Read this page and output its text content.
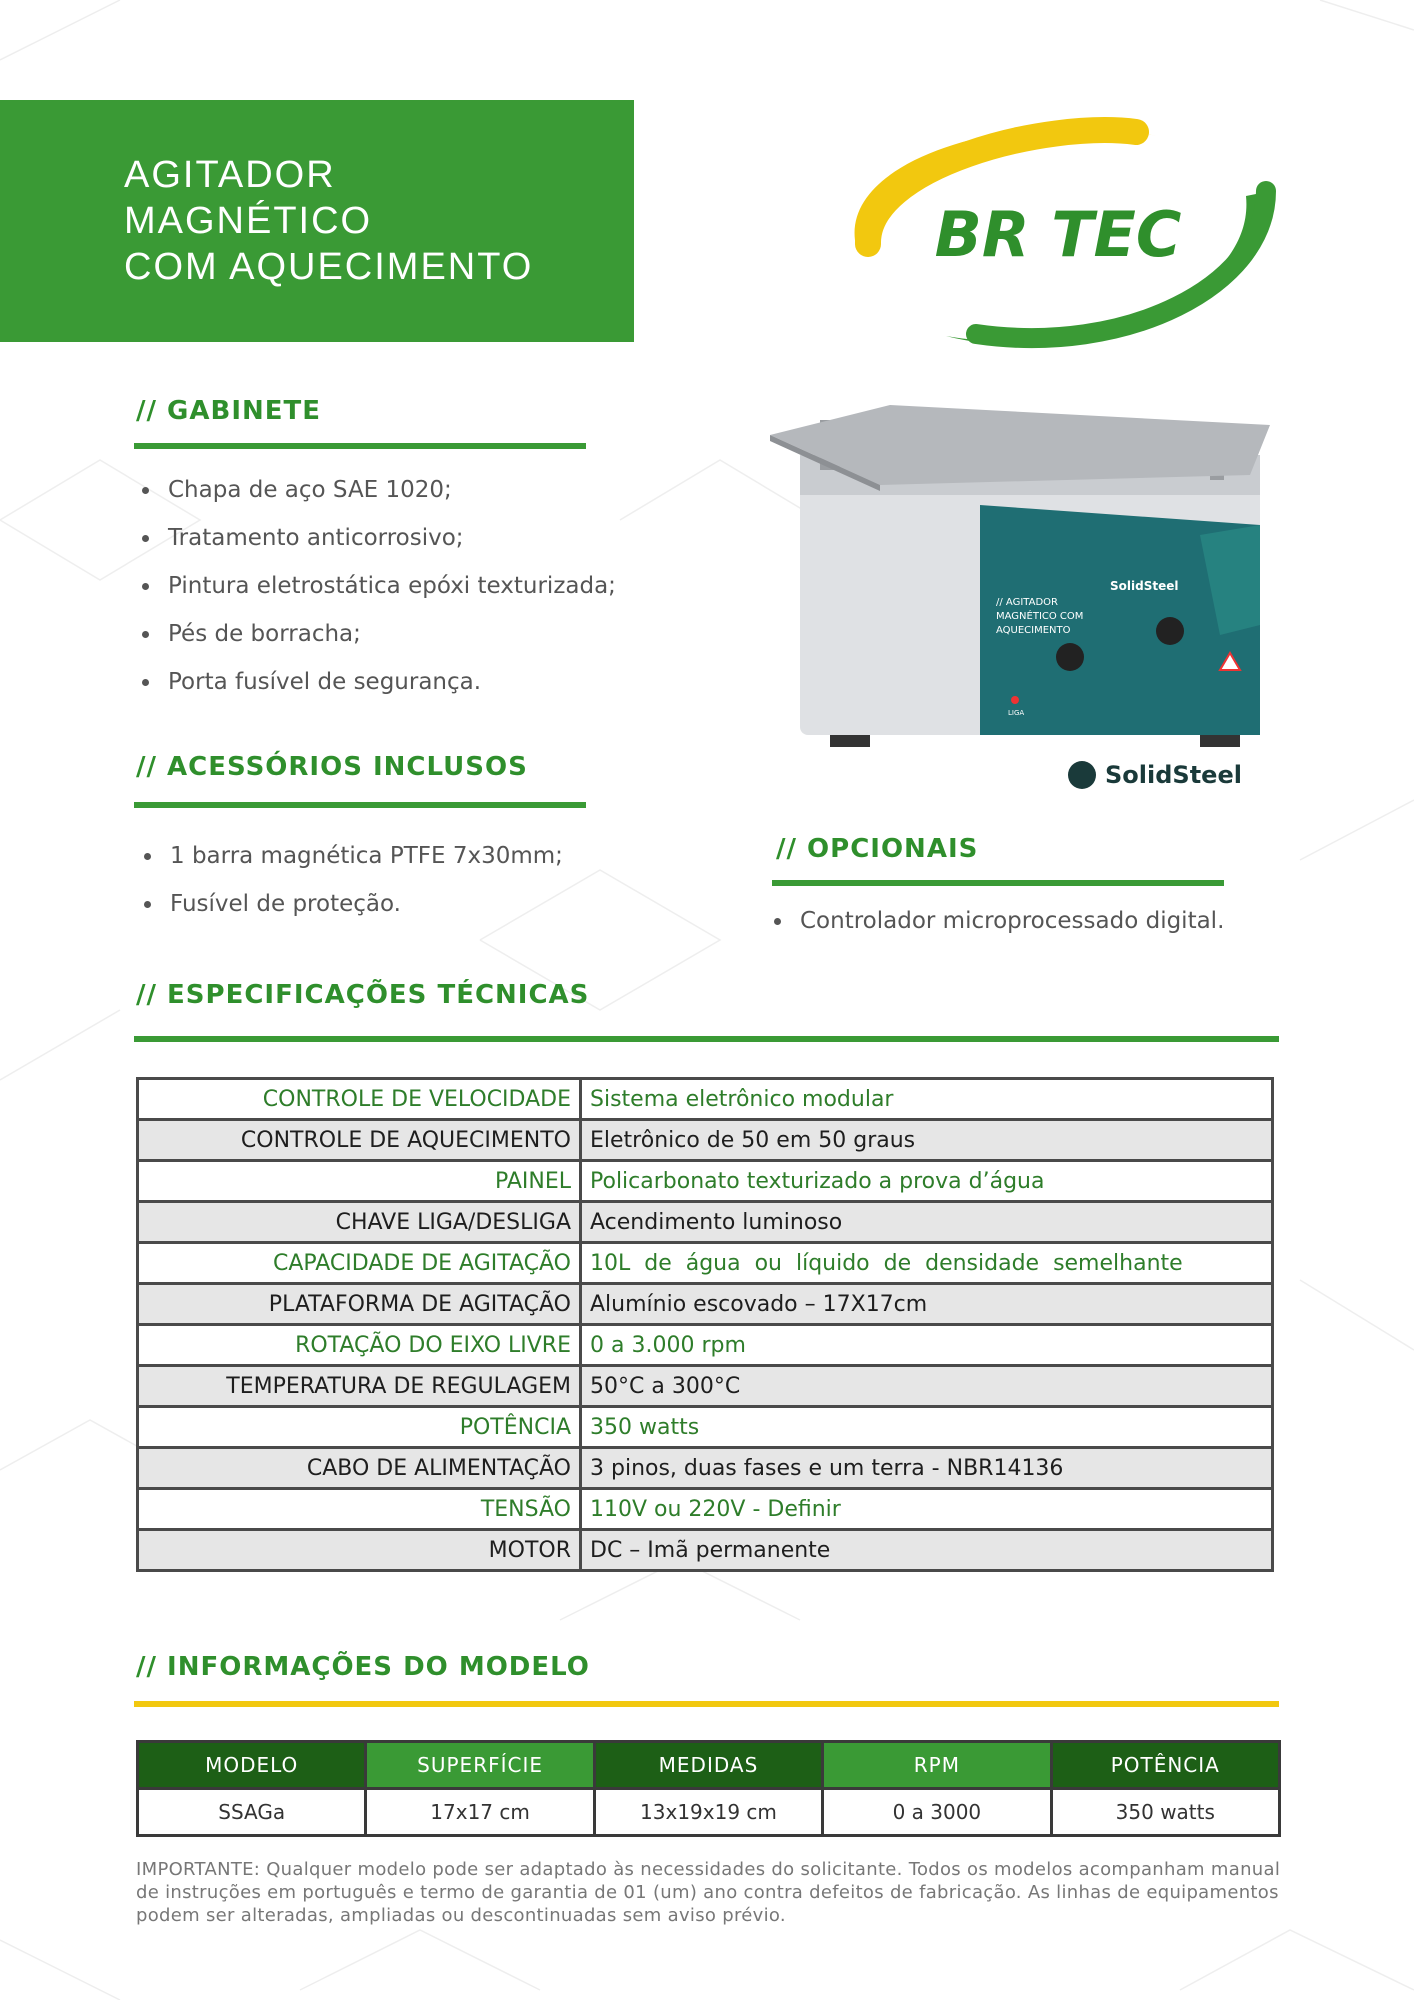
AGITADOR
MAGNÉTICO
COM AQUECIMENTO	BR TEC
// GABINETE
Chapa de aço SAE 1020;
Tratamento anticorrosivo;
Pintura eletrostática epóxi texturizada;
Pés de borracha;
Porta fusível de segurança.
// ACESSÓRIOS INCLUSOS
1 barra magnética PTFE 7x30mm;
Fusível de proteção.
// AGITADOR
MAGNÉTICO COM
AQUECIMENTO
SolidSteel
LIGA
SolidSteel
// OPCIONAIS
Controlador microprocessado digital.
// ESPECIFICAÇÕES TÉCNICAS
CONTROLE DE VELOCIDADE	Sistema eletrônico modular
CONTROLE DE AQUECIMENTO	Eletrônico de 50 em 50 graus
PAINEL	Policarbonato texturizado a prova d’água
CHAVE LIGA/DESLIGA	Acendimento luminoso
CAPACIDADE DE AGITAÇÃO	10L  de  água  ou  líquido  de  densidade  semelhante
PLATAFORMA DE AGITAÇÃO	Alumínio escovado – 17X17cm
ROTAÇÃO DO EIXO LIVRE	0 a 3.000 rpm
TEMPERATURA DE REGULAGEM	50°C a 300°C
POTÊNCIA	350 watts
CABO DE ALIMENTAÇÃO	3 pinos, duas fases e um terra - NBR14136
TENSÃO	110V ou 220V - Definir
MOTOR	DC – Imã permanente
// INFORMAÇÕES DO MODELO
MODELO	SUPERFÍCIE	MEDIDAS	RPM	POTÊNCIA
SSAGa	17x17 cm	13x19x19 cm	0 a 3000	350 watts
IMPORTANTE: Qualquer modelo pode ser adaptado às necessidades do solicitante. Todos os modelos acompanham manual de instruções em português e termo de garantia de 01 (um) ano contra defeitos de fabricação. As linhas de equipamentos podem ser alteradas, ampliadas ou descontinuadas sem aviso prévio.
